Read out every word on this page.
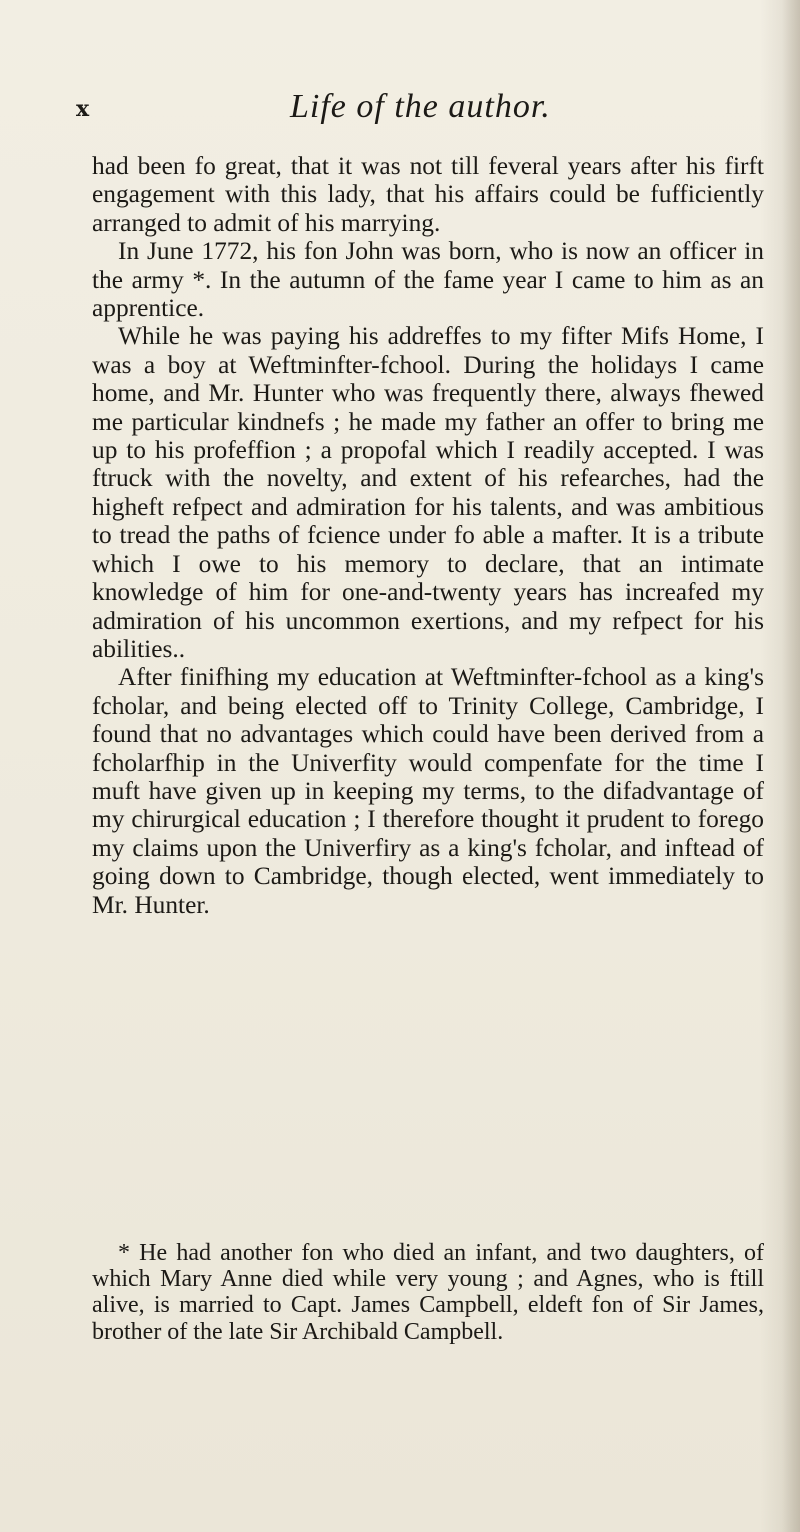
x	Life of the author.

had been fo great, that it was not till feveral years after his firft engagement with this lady, that his affairs could be fufficiently arranged to admit of his marrying.

In June 1772, his fon John was born, who is now an officer in the army *. In the autumn of the fame year I came to him as an apprentice.

While he was paying his addreffes to my fifter Mifs Home, I was a boy at Weftminfter-fchool. During the holidays I came home, and Mr. Hunter who was frequently there, always fhewed me particular kindnefs ; he made my father an offer to bring me up to his profeffion ; a propofal which I readily accepted. I was ftruck with the novelty, and extent of his refearches, had the higheft refpect and admiration for his talents, and was ambitious to tread the paths of fcience under fo able a mafter. It is a tribute which I owe to his memory to declare, that an intimate knowledge of him for one-and-twenty years has increafed my admiration of his uncommon exertions, and my refpect for his abilities..

After finifhing my education at Weftminfter-fchool as a king's fcholar, and being elected off to Trinity College, Cambridge, I found that no advantages which could have been derived from a fcholarfhip in the Univerfity would compenfate for the time I muft have given up in keeping my terms, to the difadvantage of my chirurgical education ; I therefore thought it prudent to forego my claims upon the Univerfiry as a king's fcholar, and inftead of going down to Cambridge, though elected, went immediately to Mr. Hunter.

* He had another fon who died an infant, and two daughters, of which Mary Anne died while very young ; and Agnes, who is ftill alive, is married to Capt. James Campbell, eldeft fon of Sir James, brother of the late Sir Archibald Campbell.
